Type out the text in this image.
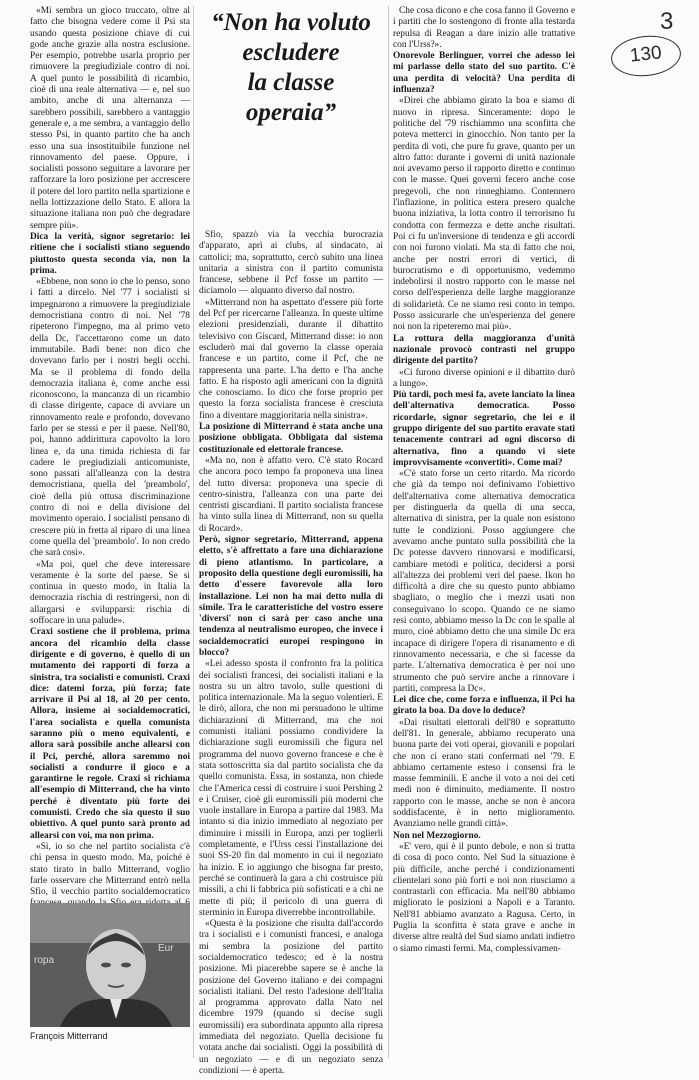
3
130
“Non ha voluto
escludere
la classe operaia”

«Mi sembra un gioco truccato, oltre al fatto che bisogna vedere come il Psi sta usando questa posizione chiave di cui gode anche grazie alla nostra esclusione. Per esempio, potrebbe usarla proprio per rimuovere la pregiudiziale contro di noi. A quel punto le possibilità di ricambio, cioè di una reale alternativa — e, nel suo ambito, anche di una alternanza — sarebbero possibili, sarebbero a vantaggio generale e, a me sembra, a vantaggio dello stesso Psi, in quanto partito che ha anch esso una sua insostituibile funzione nel rinnovamento del paese. Oppure, i socialisti possono seguitare a lavorare per rafforzare la loro posizione per accrescere il potere del loro partito nella spartizione e nella lottizzazione dello Stato. E allora la situazione italiana non può che degradare sempre più».

Dica la verità, signor segretario: lei ritiene che i socialisti stiano seguendo piuttosto questa seconda via, non la prima.

«Ebbene, non sono io che lo penso, sono i fatti a dircelo. Nel '77 i socialisti si impegnarono a rimuovere la pregiudiziale democristiana contro di noi. Nel '78 ripeterono l'impegno, ma al primo veto della Dc, l'accettarono come un dato immutabile. Badi bene: non dico che dovevano farlo per i nostri begli occhi. Ma se il problema di fondo della democrazia italiana è, come anche essi riconoscono, la mancanza di un ricambio di classe dirigente, capace di avviare un rinnovamento reale e profondo, dovevano farlo per se stessi e per il paese. Nell'80, poi, hanno addirittura capovolto la loro linea e, da una timida richiesta di far cadere le pregiudiziali anticomuniste, sono passati all'alleanza con la destra democristiana, quella del 'preambolo', cioè della più ottusa discriminazione contro di noi e della divisione del movimento operaio. I socialisti pensano di crescere più in fretta al riparo di una linea come quella del 'preambolo'. Io non credo che sarà così».

«Ma poi, quel che deve interessare veramente è la sorte del paese. Se si continua in questo modo, in Italia la democrazia rischia di restringersi, non di allargarsi e svilupparsi: rischia di soffocare in una palude».

Craxi sostiene che il problema, prima ancora del ricambio della classe dirigente e di governo, è quello di un mutamento dei rapporti di forza a sinistra, tra socialisti e comunisti. Craxi dice: datemi forza, più forza; fate arrivare il Psi al 18, al 20 per cento. Allora, insieme ai socialdemocratici, l'area socialista e quella comunista saranno più o meno equivalenti, e allora sarà possibile anche allearsi con il Pci, perché, allora saremmo noi socialisti a condurre il gioco e a garantirne le regole. Craxi si richiama all'esempio di Mitterrand, che ha vinto perché è diventato più forte dei comunisti. Credo che sia questo il suo obiettivo. A quel punto sarà pronto ad allearsi con voi, ma non prima.

«Sì, io so che nel partito socialista c'è chi pensa in questo modo. Ma, poiché è stato tirato in ballo Mitterrand, voglio farle osservare che Mitterrand entrò nella Sfio, il vecchio partito socialdemocratico

Sfio, spazzò via la vecchia burocrazia d'apparato, aprì ai clubs, al sindacato, ai cattolici; ma, soprattutto, cercò subito una linea unitaria a sinistra con il partito comunista francese, sebbene il Pcf fosse un partito — diciamolo — alquanto diverso dal nostro.

«Mitterrand non ha aspettato d'essere più forte del Pcf per ricercarne l'alleanza. In queste ultime elezioni presidenziali, durante il dibattito televisivo con Giscard, Mitterrand disse: io non escluderò mai dal governo la classe operaia francese e un partito, come il Pcf, che ne rappresenta una parte. L'ha detto e l'ha anche fatto. E ha risposto agli americani con la dignità che conosciamo. Io dico che forse proprio per questo la forza socialista francese è cresciuta fino a diventare maggioritaria nella sinistra».

La posizione di Mitterrand è stata anche una posizione obbligata. Obbligata dal sistema costituzionale ed elettorale francese.

«Ma no, non è affatto vero. C'è stato Rocard che ancora poco tempo fa proponeva una linea del tutto diversa: proponeva una specie di centro-sinistra, l'alleanza con una parte dei centristi giscardiani. Il partito socialista francese ha vinto sulla linea di Mitterrand, non su quella di Rocard».

Però, signor segretario, Mitterrand, appena eletto, s'è affrettato a fare una dichiarazione di pieno atlantismo. In particolare, a proposito della questione degli euromissili, ha detto d'essere favorevole alla loro installazione. Lei non ha mai detto nulla di simile. Tra le caratteristiche del vostro essere 'diversi' non ci sarà per caso anche una tendenza al neutralismo europeo, che invece i socialdemocratici europei respingono in blocco?

«Lei adesso sposta il confronto fra la politica dei socialisti francesi, dei socialisti italiani e la nostra su un altro tavolo, sulle questioni di politica internazionale. Ma la seguo volentieri. E le dirò, allora, che non mi persuadono le ultime dichiarazioni di Mitterrand, ma che noi comunisti italiani possiamo condividere la dichiarazione sugli euromissili che figura nel programma del nuovo governo francese e che è stata sottoscritta sia dal partito socialista che da quello comunista. Essa, in sostanza, non chiede che l'America cessi di costruire i suoi Pershing 2 e i Cruiser, cioè gli euromissili più moderni che vuole installare in Europa a partire dal 1983. Ma intanto si dia inizio immediato al negoziato per diminuire i missili in Europa, anzi per toglierli completamente, e l'Urss cessi l'installazione dei suoi SS-20 fin dal momento in cui il negoziato ha inizio. E io aggiungo che bisogna far presto, perché se continuerà la gara a chi costruisce più missili, a chi li fabbrica più sofisticati e a chi ne mette di più; il pericolo di una guerra di sterminio in Europa diverrebbe incontrollabile.

«Questa è la posizione che risulta dall'accordo tra i socialisti e i comunisti francesi, e analoga mi sembra la posizione del partito socialdemocratico tedesco; ed è la nostra posizione. Mi piacerebbe sapere se è anche la posizione del Governo italiano e dei compagni socialisti italiani. Del resto l'adesione dell'Italia al programma approvato dalla Nato nel dicembre 1979 (quando si decise sugli euromissili) era subordinata appunto alla ripresa immediata del negoziato. Quella decisione fu votata anche dai socialisti. Oggi la possibilità di un negoziato — e di un negoziato senza condizioni — è aperta.

Che cosa dicono e che cosa fanno il Governo e i partiti che lo sostengono di fronte alla testarda repulsa di Reagan a dare inizio alle trattative con l'Urss?».

Onorevole Berlinguer, vorrei che adesso lei mi parlasse dello stato del suo partito. C'è una perdita di velocità? Una perdita di influenza?

«Direi che abbiamo girato la boa e siamo di nuovo in ripresa. Sinceramente: dopo le politiche del '79 rischiammo una sconfitta che poteva metterci in ginocchio. Non tanto per la perdita di voti, che pure fu grave, quanto per un altro fatto: durante i governi di unità nazionale noi avevamo perso il rapporto diretto e continuo con le masse. Quei governi fecero anche cose pregevoli, che non rinneghiamo. Contennero l'inflazione, in politica estera presero qualche buona iniziativa, la lotta contro il terrorismo fu condotta con fermezza e dette anche risultati. Poi ci fu un'inversione di tendenza e gli accordi con noi furono violati. Ma sta di fatto che noi, anche per nostri errori di vertici, di burocratismo e di opportunismo, vedemmo indebolirsi il nostro rapporto con le masse nel corso dell'esperienza delle larghe maggioranze di solidarietà. Ce ne siamo resi conto in tempo. Posso assicurarle che un'esperienza del genere noi non la ripeteremo mai più».

La rottura della maggioranza d'unità nazionale provocò contrasti nel gruppo dirigente del partito?

«Ci furono diverse opinioni e il dibattito durò a lungo».

Più tardi, poch mesi fa, avete lanciato la linea dell'alternativa democratica. Posso ricordarle, signor segretario, che lei e il gruppo dirigente del suo partito eravate stati tenacemente contrari ad ogni discorso di alternativa, fino a quando vi siete improvvisamente «convertiti». Come mai?

«C'è stato forse un certo ritardo. Ma ricordo che già da tempo noi definivamo l'obiettivo dell'alternativa come alternativa democratica per distinguerla da quella di una secca, alternativa di sinistra, per la quale non esistono tutte le condizioni. Posso aggiungere che avevamo anche puntato sulla possibilità che la Dc potesse davvero rinnovarsi e modificarsi, cambiare metodi e politica, decidersi a porsi all'altezza dei problemi veri del paese. Ikon ho difficoltà a dire che su questo punto abbiamo sbagliato, o meglio che i mezzi usati non conseguivano lo scopo. Quando ce ne siamo resi conto, abbiamo messo la Dc con le spalle al muro, cioè abbiamo detto che una simile Dc era incapace di dirigere l'opera di risanamento e di rinnovamento necessaria, e che si facesse da parte. L'alternativa democratica è per noi uno strumento che può servire anche a rinnovare i partiti, compresa la Dc».

Lei dice che, come forza e influenza, il Pci ha girato la boa. Da dove lo deduce?

«Dai risultati elettorali dell'80 e soprattutto dell'81. In generale, abbiamo recuperato una buona parte dei voti operai, giovanili e popolari che non ci erano stati confermati nel '79. E abbiamo certamente esteso i consensi fra le masse femminili. E anche il voto a noi dei ceti medi non è diminuito, mediamente. Il nostro rapporto con le masse, anche se non è ancora soddisfacente, è in netto miglioramento. Avanziamo nelle grandi città».

Non nel Mezzogiorno.

«E' vero, qui è il punto debole, e non si tratta di cosa di poco conto. Nel Sud la situazione è più difficile, anche perché i condizionamenti clientelari sono più forti e noi non riusciamo a contrastarli con efficacia. Ma nell'80 abbiamo migliorato le posizioni a Napoli e a Taranto. Nell'81 abbiamo avanzato a Ragusa. Certo, in Puglia la sconfitta è stata grave e anche in diverse altre realtà del Sud siamo andati indietro o siamo rimasti fermi. Ma, complessivamen-

ropa
Eur
François Mitterrand
